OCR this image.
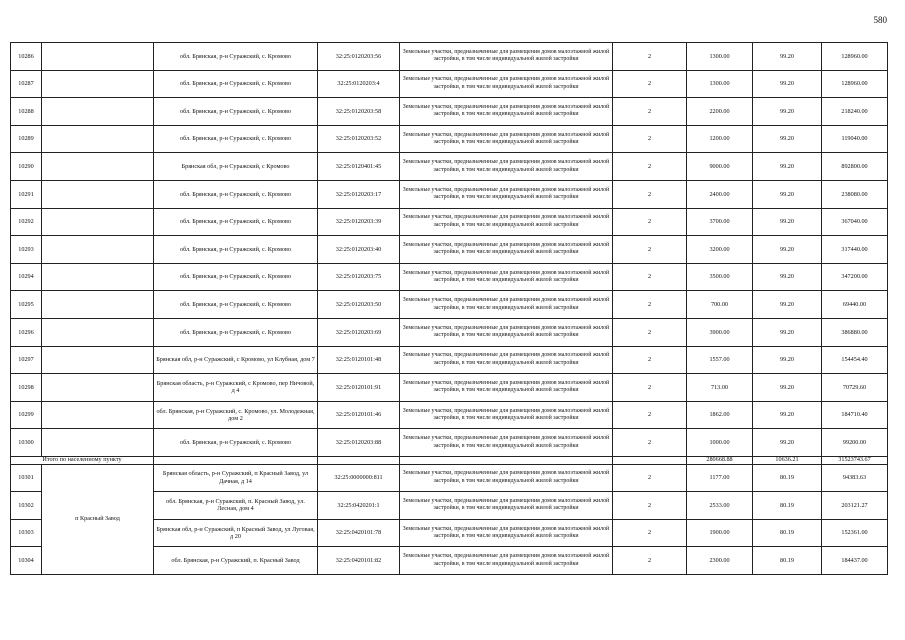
580
10286		обл. Брянская, р-н Суражский, с. Кромово	32:25:0120203:56	Земельные участки, предназначенные для размещения домов малоэтажной жилой застройки, в том числе индивидуальной жилой застройки	2	1300.00	99.20	128960.00
10287		обл. Брянская, р-н Суражский, с. Кромово	32:25:0120203:4	Земельные участки, предназначенные для размещения домов малоэтажной жилой застройки, в том числе индивидуальной жилой застройки	2	1300.00	99.20	128960.00
10288		обл. Брянская, р-н Суражский, с. Кромово	32:25:0120203:58	Земельные участки, предназначенные для размещения домов малоэтажной жилой застройки, в том числе индивидуальной жилой застройки	2	2200.00	99.20	218240.00
10289		обл. Брянская, р-н Суражский, с. Кромово	32:25:0120203:52	Земельные участки, предназначенные для размещения домов малоэтажной жилой застройки, в том числе индивидуальной жилой застройки	2	1200.00	99.20	119040.00
10290		Брянская обл, р-н Суражский, с Кромово	32:25:0120401:45	Земельные участки, предназначенные для размещения домов малоэтажной жилой застройки, в том числе индивидуальной жилой застройки	2	9000.00	99.20	892800.00
10291		обл. Брянская, р-н Суражский, с. Кромово	32:25:0120203:17	Земельные участки, предназначенные для размещения домов малоэтажной жилой застройки, в том числе индивидуальной жилой застройки	2	2400.00	99.20	238080.00
10292		обл. Брянская, р-н Суражский, с. Кромово	32:25:0120203:39	Земельные участки, предназначенные для размещения домов малоэтажной жилой застройки, в том числе индивидуальной жилой застройки	2	3700.00	99.20	367040.00
10293		обл. Брянская, р-н Суражский, с. Кромово	32:25:0120203:40	Земельные участки, предназначенные для размещения домов малоэтажной жилой застройки, в том числе индивидуальной жилой застройки	2	3200.00	99.20	317440.00
10294		обл. Брянская, р-н Суражский, с. Кромово	32:25:0120203:75	Земельные участки, предназначенные для размещения домов малоэтажной жилой застройки, в том числе индивидуальной жилой застройки	2	3500.00	99.20	347200.00
10295		обл. Брянская, р-н Суражский, с. Кромово	32:25:0120203:50	Земельные участки, предназначенные для размещения домов малоэтажной жилой застройки, в том числе индивидуальной жилой застройки	2	700.00	99.20	69440.00
10296		обл. Брянская, р-н Суражский, с. Кромово	32:25:0120203:69	Земельные участки, предназначенные для размещения домов малоэтажной жилой застройки, в том числе индивидуальной жилой застройки	2	3900.00	99.20	386880.00
10297		Брянская обл, р-н Суражский, с Кромово, ул Клубная, дом 7	32:25:0120101:48	Земельные участки, предназначенные для размещения домов малоэтажной жилой застройки, в том числе индивидуальной жилой застройки	2	1557.00	99.20	154454.40
10298		Брянская область, р-н Суражский, с Кромово, пер Ничовой, д 4	32:25:0120101:91	Земельные участки, предназначенные для размещения домов малоэтажной жилой застройки, в том числе индивидуальной жилой застройки	2	713.00	99.20	70729.60
10299		обл. Брянская, р-н Суражский, с. Кромово, ул. Молодежная, дом 2	32:25:0120101:46	Земельные участки, предназначенные для размещения домов малоэтажной жилой застройки, в том числе индивидуальной жилой застройки	2	1862.00	99.20	184710.40
10300		обл. Брянская, р-н Суражский, с. Кромово	32:25:0120203:88	Земельные участки, предназначенные для размещения домов малоэтажной жилой застройки, в том числе индивидуальной жилой застройки	2	1000.00	99.20	99200.00
Итого по населенному пункту						280668.88	10636.21	31523743.67
10301	п Красный Завод	Брянская область, р-н Суражский, п Красный Завод, ул Дачная, д 14	32:25:0000000:811	Земельные участки, предназначенные для размещения домов малоэтажной жилой застройки, в том числе индивидуальной жилой застройки	2	1177.00	80.19	94383.63
10302		обл. Брянская, р-н Суражский, п. Красный Завод, ул. Лесная, дом 4	32:25:0420201:1	Земельные участки, предназначенные для размещения домов малоэтажной жилой застройки, в том числе индивидуальной жилой застройки	2	2533.00	80.19	203121.27
10303		Брянская обл, р-н Суражский, п Красный Завод, ул Луговая, д 20	32:25:0420101:78	Земельные участки, предназначенные для размещения домов малоэтажной жилой застройки, в том числе индивидуальной жилой застройки	2	1900.00	80.19	152361.00
10304		обл. Брянская, р-н Суражский, п. Красный Завод	32:25:0420101:82	Земельные участки, предназначенные для размещения домов малоэтажной жилой застройки, в том числе индивидуальной жилой застройки	2	2300.00	80.19	184437.00
